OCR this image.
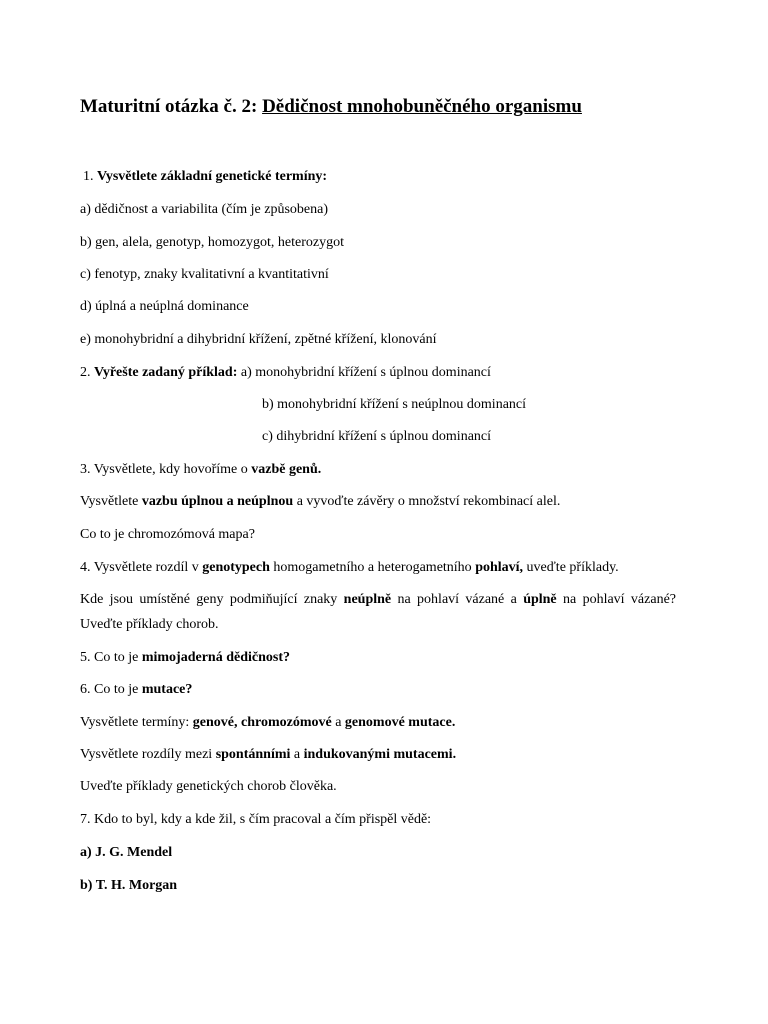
Maturitní otázka č. 2: Dědičnost mnohobuněčného organismu
1. Vysvětlete základní genetické termíny:
a) dědičnost a variabilita (čím je způsobena)
b) gen, alela, genotyp, homozygot, heterozygot
c) fenotyp, znaky kvalitativní a kvantitativní
d) úplná a neúplná dominance
e) monohybridní a dihybridní křížení, zpětné křížení, klonování
2. Vyřešte zadaný příklad: a) monohybridní křížení s úplnou dominancí
b) monohybridní křížení s neúplnou dominancí
c) dihybridní křížení s úplnou dominancí
3. Vysvětlete, kdy hovoříme o vazbě genů.
Vysvětlete vazbu úplnou a neúplnou a vyvoďte závěry o množství rekombinací alel.
Co to je chromozómová mapa?
4. Vysvětlete rozdíl v genotypech homogametního a heterogametního pohlaví, uveďte příklady.
Kde jsou umístěné geny podmiňující znaky neúplně na pohlaví vázané a úplně na pohlaví vázané? Uveďte příklady chorob.
5. Co to je mimojaderná dědičnost?
6. Co to je mutace?
Vysvětlete termíny: genové, chromozómové a genomové mutace.
Vysvětlete rozdíly mezi spontánními a indukovanými mutacemi.
Uveďte příklady genetických chorob člověka.
7. Kdo to byl, kdy a kde žil, s čím pracoval a čím přispěl vědě:
a) J. G. Mendel
b) T. H. Morgan
